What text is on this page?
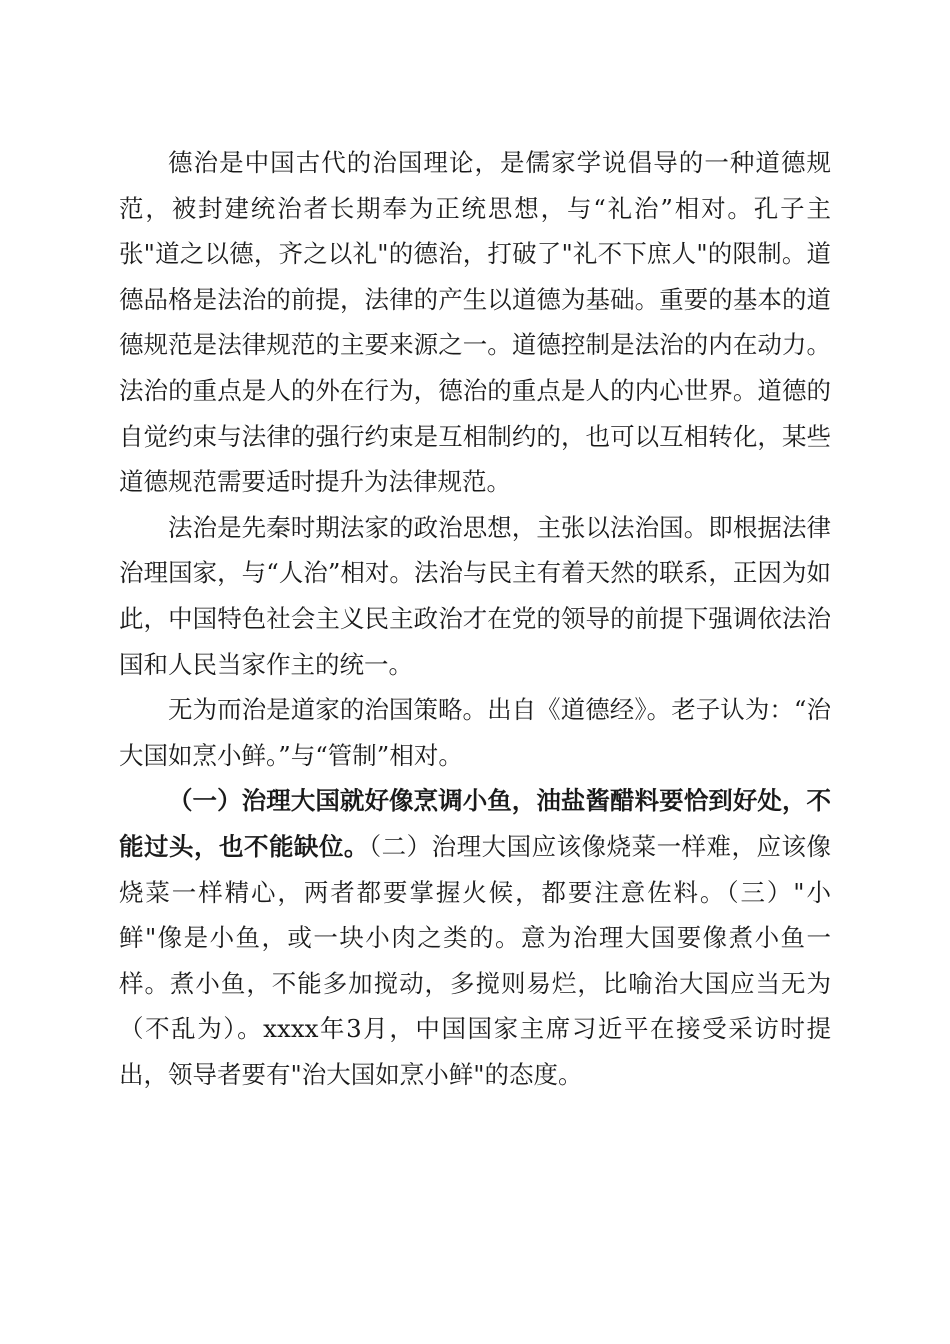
德治是中国古代的治国理论，是儒家学说倡导的一种道德规范，被封建统治者长期奉为正统思想，与“礼治”相对。孔子主张"道之以德，齐之以礼"的德治，打破了"礼不下庶人"的限制。道德品格是法治的前提，法律的产生以道德为基础。重要的基本的道德规范是法律规范的主要来源之一。道德控制是法治的内在动力。法治的重点是人的外在行为，德治的重点是人的内心世界。道德的自觉约束与法律的强行约束是互相制约的，也可以互相转化，某些道德规范需要适时提升为法律规范。

法治是先秦时期法家的政治思想，主张以法治国。即根据法律治理国家，与“人治”相对。法治与民主有着天然的联系，正因为如此，中国特色社会主义民主政治才在党的领导的前提下强调依法治国和人民当家作主的统一。

无为而治是道家的治国策略。出自《道德经》。老子认为：“治大国如烹小鲜。”与“管制”相对。

（一）治理大国就好像烹调小鱼，油盐酱醋料要恰到好处，不能过头，也不能缺位。（二）治理大国应该像烧菜一样难，应该像烧菜一样精心，两者都要掌握火候，都要注意佐料。（三）"小鲜"像是小鱼，或一块小肉之类的。意为治理大国要像煮小鱼一样。煮小鱼，不能多加搅动，多搅则易烂，比喻治大国应当无为（不乱为）。xxxx年3月，中国国家主席习近平在接受采访时提出，领导者要有"治大国如烹小鲜"的态度。
